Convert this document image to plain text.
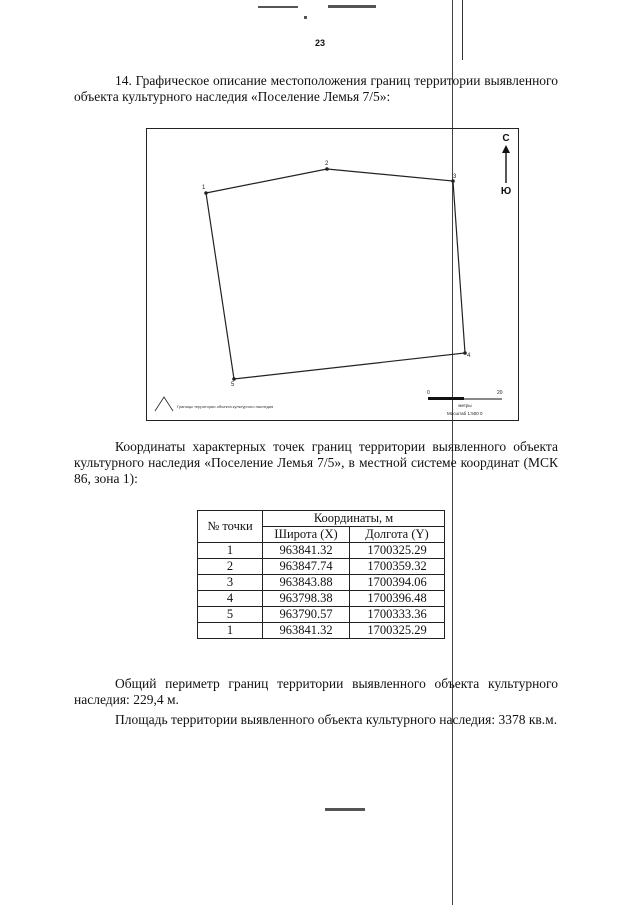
23

14. Графическое описание местоположения границ территории выявленного объекта культурного наследия «Поселение Лемья 7/5»:

1
2
3
4
5
С
Ю
Границы территории объекта культурного наследия
0	20
метры
Масштаб 1:500 0

Координаты характерных точек границ территории выявленного объекта культурного наследия «Поселение Лемья 7/5», в местной системе координат (МСК 86, зона 1):

№ точки	Координаты, м	
	Широта (X)	Долгота (Y)
1	963841.32	1700325.29
2	963847.74	1700359.32
3	963843.88	1700394.06
4	963798.38	1700396.48
5	963790.57	1700333.36
1	963841.32	1700325.29

Общий периметр границ территории выявленного объекта культурного наследия: 229,4 м.

Площадь территории выявленного объекта культурного наследия: 3378 кв.м.
